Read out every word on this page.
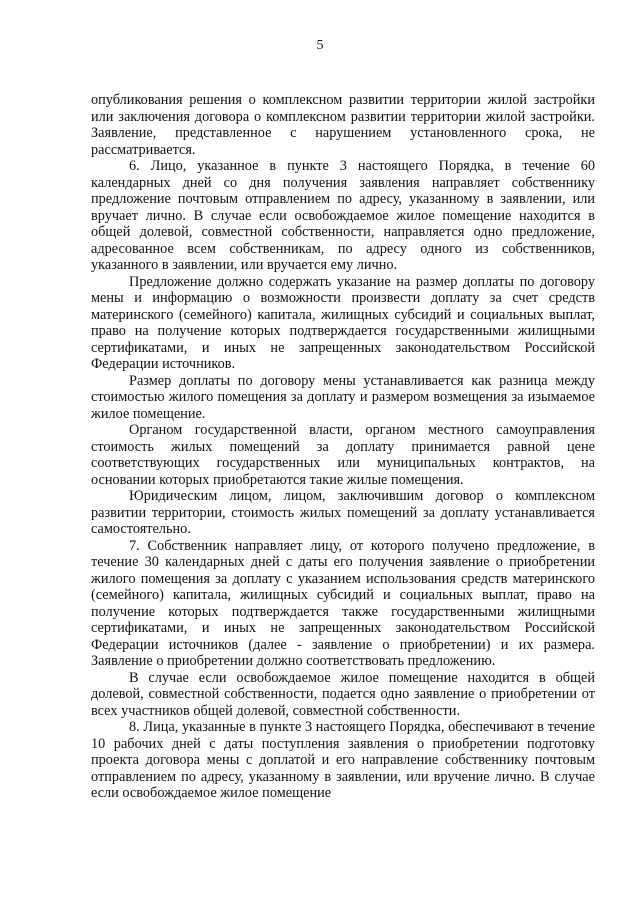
5

опубликования решения о комплексном развитии территории жилой застройки или заключения договора о комплексном развитии территории жилой застройки. Заявление, представленное с нарушением установленного срока, не рассматривается.

6. Лицо, указанное в пункте 3 настоящего Порядка, в течение 60 календарных дней со дня получения заявления направляет собственнику предложение почтовым отправлением по адресу, указанному в заявлении, или вручает лично. В случае если освобождаемое жилое помещение находится в общей долевой, совместной собственности, направляется одно предложение, адресованное всем собственникам, по адресу одного из собственников, указанного в заявлении, или вручается ему лично.

Предложение должно содержать указание на размер доплаты по договору мены и информацию о возможности произвести доплату за счет средств материнского (семейного) капитала, жилищных субсидий и социальных выплат, право на получение которых подтверждается государственными жилищными сертификатами, и иных не запрещенных законодательством Российской Федерации источников.

Размер доплаты по договору мены устанавливается как разница между стоимостью жилого помещения за доплату и размером возмещения за изымаемое жилое помещение.

Органом государственной власти, органом местного самоуправления стоимость жилых помещений за доплату принимается равной цене соответствующих государственных или муниципальных контрактов, на основании которых приобретаются такие жилые помещения.

Юридическим лицом, лицом, заключившим договор о комплексном развитии территории, стоимость жилых помещений за доплату устанавливается самостоятельно.

7. Собственник направляет лицу, от которого получено предложение, в течение 30 календарных дней с даты его получения заявление о приобретении жилого помещения за доплату с указанием использования средств материнского (семейного) капитала, жилищных субсидий и социальных выплат, право на получение которых подтверждается также государственными жилищными сертификатами, и иных не запрещенных законодательством Российской Федерации источников (далее - заявление о приобретении) и их размера. Заявление о приобретении должно соответствовать предложению.

В случае если освобождаемое жилое помещение находится в общей долевой, совместной собственности, подается одно заявление о приобретении от всех участников общей долевой, совместной собственности.

8. Лица, указанные в пункте 3 настоящего Порядка, обеспечивают в течение 10 рабочих дней с даты поступления заявления о приобретении подготовку проекта договора мены с доплатой и его направление собственнику почтовым отправлением по адресу, указанному в заявлении, или вручение лично. В случае если освобождаемое жилое помещение
